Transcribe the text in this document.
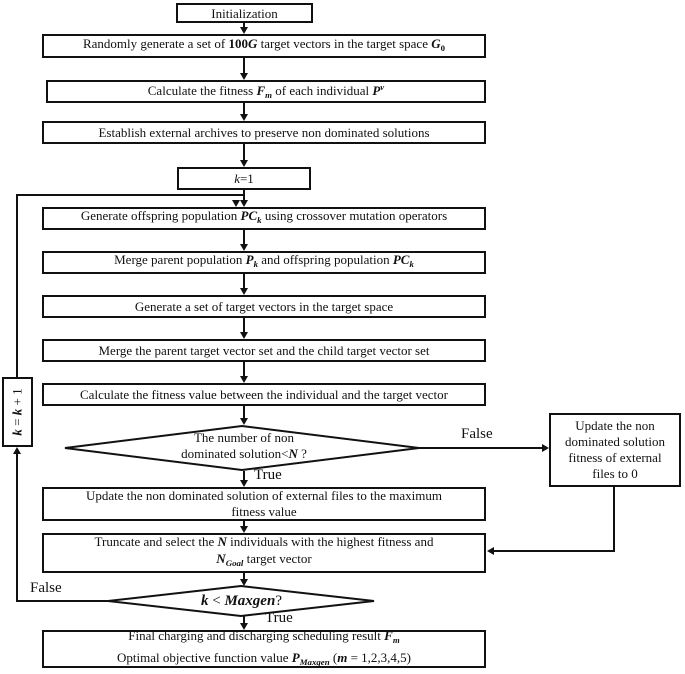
Initialization
Randomly generate a set of 100G target vectors in the target space $G_0$
Calculate the fitness $F_m$ of each individual $P^v$
Establish external archives to preserve non dominated solutions
k=1
Generate offspring population $PC_k$ using crossover mutation operators
Merge parent population $P_k$ and offspring population $PC_k$
Generate a set of target vectors in the target space
Merge the parent target vector set and the child target vector set
Calculate the fitness value between the individual and the target vector
The number of non
dominated solution<N ?
Update the non
dominated solution
fitness of external
files to 0
Update the non dominated solution of external files to the maximum
fitness value
Truncate and select the N individuals with the highest fitness and
$N_{Goal}$ target vector
k < Maxgen?
Final charging and discharging scheduling result $F_m$
Optimal objective function value $P_{Maxgen}$ (m = 1,2,3,4,5)
k = k + 1
True
False
True
False
